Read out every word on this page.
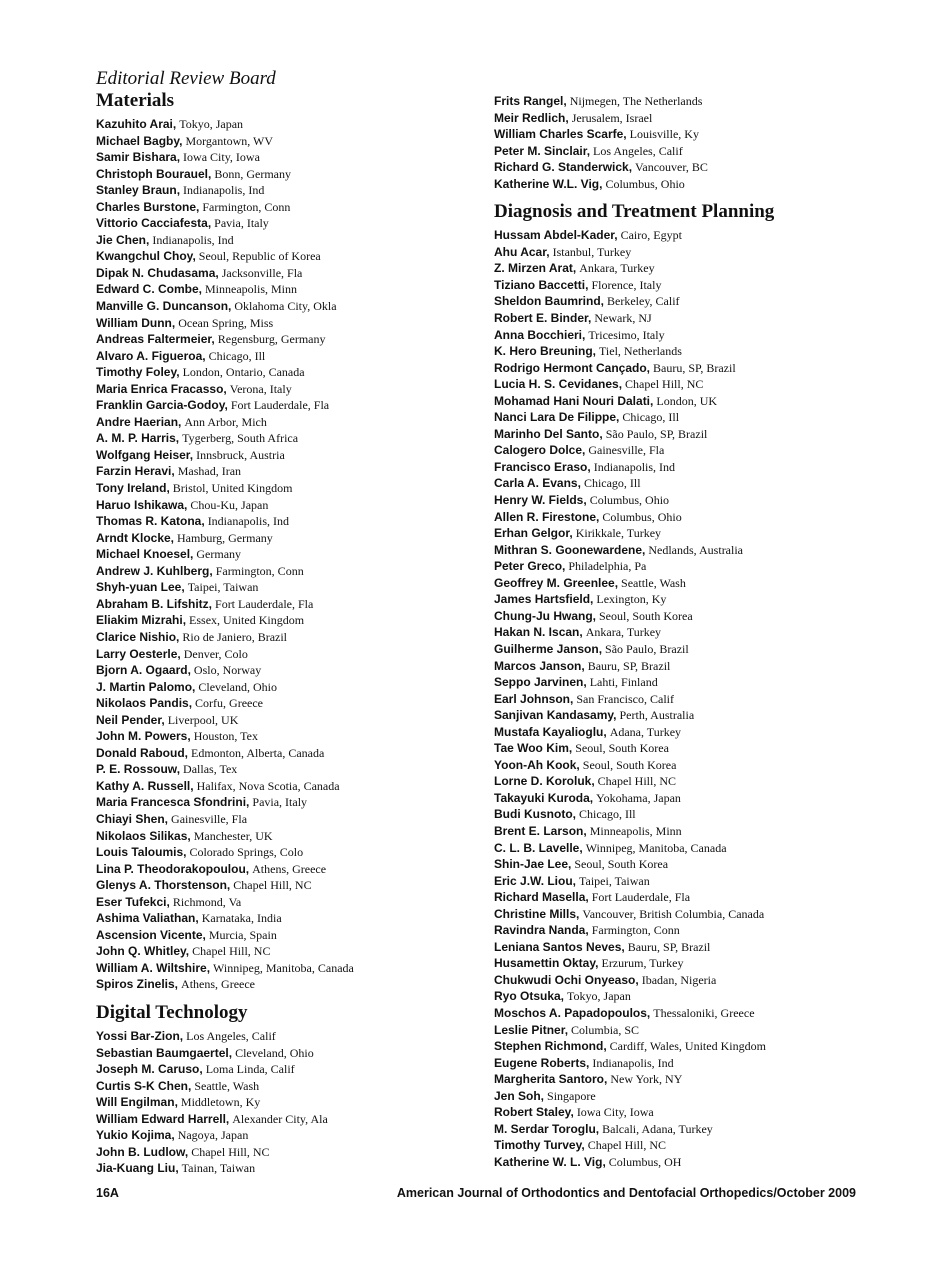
Editorial Review Board
Materials
Kazuhito Arai, Tokyo, Japan
Michael Bagby, Morgantown, WV
Samir Bishara, Iowa City, Iowa
Christoph Bourauel, Bonn, Germany
Stanley Braun, Indianapolis, Ind
Charles Burstone, Farmington, Conn
Vittorio Cacciafesta, Pavia, Italy
Jie Chen, Indianapolis, Ind
Kwangchul Choy, Seoul, Republic of Korea
Dipak N. Chudasama, Jacksonville, Fla
Edward C. Combe, Minneapolis, Minn
Manville G. Duncanson, Oklahoma City, Okla
William Dunn, Ocean Spring, Miss
Andreas Faltermeier, Regensburg, Germany
Alvaro A. Figueroa, Chicago, Ill
Timothy Foley, London, Ontario, Canada
Maria Enrica Fracasso, Verona, Italy
Franklin Garcia-Godoy, Fort Lauderdale, Fla
Andre Haerian, Ann Arbor, Mich
A. M. P. Harris, Tygerberg, South Africa
Wolfgang Heiser, Innsbruck, Austria
Farzin Heravi, Mashad, Iran
Tony Ireland, Bristol, United Kingdom
Haruo Ishikawa, Chou-Ku, Japan
Thomas R. Katona, Indianapolis, Ind
Arndt Klocke, Hamburg, Germany
Michael Knoesel, Germany
Andrew J. Kuhlberg, Farmington, Conn
Shyh-yuan Lee, Taipei, Taiwan
Abraham B. Lifshitz, Fort Lauderdale, Fla
Eliakim Mizrahi, Essex, United Kingdom
Clarice Nishio, Rio de Janiero, Brazil
Larry Oesterle, Denver, Colo
Bjorn A. Ogaard, Oslo, Norway
J. Martin Palomo, Cleveland, Ohio
Nikolaos Pandis, Corfu, Greece
Neil Pender, Liverpool, UK
John M. Powers, Houston, Tex
Donald Raboud, Edmonton, Alberta, Canada
P. E. Rossouw, Dallas, Tex
Kathy A. Russell, Halifax, Nova Scotia, Canada
Maria Francesca Sfondrini, Pavia, Italy
Chiayi Shen, Gainesville, Fla
Nikolaos Silikas, Manchester, UK
Louis Taloumis, Colorado Springs, Colo
Lina P. Theodorakopoulou, Athens, Greece
Glenys A. Thorstenson, Chapel Hill, NC
Eser Tufekci, Richmond, Va
Ashima Valiathan, Karnataka, India
Ascension Vicente, Murcia, Spain
John Q. Whitley, Chapel Hill, NC
William A. Wiltshire, Winnipeg, Manitoba, Canada
Spiros Zinelis, Athens, Greece
Digital Technology
Yossi Bar-Zion, Los Angeles, Calif
Sebastian Baumgaertel, Cleveland, Ohio
Joseph M. Caruso, Loma Linda, Calif
Curtis S-K Chen, Seattle, Wash
Will Engilman, Middletown, Ky
William Edward Harrell, Alexander City, Ala
Yukio Kojima, Nagoya, Japan
John B. Ludlow, Chapel Hill, NC
Jia-Kuang Liu, Tainan, Taiwan
Frits Rangel, Nijmegen, The Netherlands
Meir Redlich, Jerusalem, Israel
William Charles Scarfe, Louisville, Ky
Peter M. Sinclair, Los Angeles, Calif
Richard G. Standerwick, Vancouver, BC
Katherine W.L. Vig, Columbus, Ohio
Diagnosis and Treatment Planning
Hussam Abdel-Kader, Cairo, Egypt
Ahu Acar, Istanbul, Turkey
Z. Mirzen Arat, Ankara, Turkey
Tiziano Baccetti, Florence, Italy
Sheldon Baumrind, Berkeley, Calif
Robert E. Binder, Newark, NJ
Anna Bocchieri, Tricesimo, Italy
K. Hero Breuning, Tiel, Netherlands
Rodrigo Hermont Cançado, Bauru, SP, Brazil
Lucia H. S. Cevidanes, Chapel Hill, NC
Mohamad Hani Nouri Dalati, London, UK
Nanci Lara De Filippe, Chicago, Ill
Marinho Del Santo, São Paulo, SP, Brazil
Calogero Dolce, Gainesville, Fla
Francisco Eraso, Indianapolis, Ind
Carla A. Evans, Chicago, Ill
Henry W. Fields, Columbus, Ohio
Allen R. Firestone, Columbus, Ohio
Erhan Gelgor, Kirikkale, Turkey
Mithran S. Goonewardene, Nedlands, Australia
Peter Greco, Philadelphia, Pa
Geoffrey M. Greenlee, Seattle, Wash
James Hartsfield, Lexington, Ky
Chung-Ju Hwang, Seoul, South Korea
Hakan N. Iscan, Ankara, Turkey
Guilherme Janson, São Paulo, Brazil
Marcos Janson, Bauru, SP, Brazil
Seppo Jarvinen, Lahti, Finland
Earl Johnson, San Francisco, Calif
Sanjivan Kandasamy, Perth, Australia
Mustafa Kayalioglu, Adana, Turkey
Tae Woo Kim, Seoul, South Korea
Yoon-Ah Kook, Seoul, South Korea
Lorne D. Koroluk, Chapel Hill, NC
Takayuki Kuroda, Yokohama, Japan
Budi Kusnoto, Chicago, Ill
Brent E. Larson, Minneapolis, Minn
C. L. B. Lavelle, Winnipeg, Manitoba, Canada
Shin-Jae Lee, Seoul, South Korea
Eric J.W. Liou, Taipei, Taiwan
Richard Masella, Fort Lauderdale, Fla
Christine Mills, Vancouver, British Columbia, Canada
Ravindra Nanda, Farmington, Conn
Leniana Santos Neves, Bauru, SP, Brazil
Husamettin Oktay, Erzurum, Turkey
Chukwudi Ochi Onyeaso, Ibadan, Nigeria
Ryo Otsuka, Tokyo, Japan
Moschos A. Papadopoulos, Thessaloniki, Greece
Leslie Pitner, Columbia, SC
Stephen Richmond, Cardiff, Wales, United Kingdom
Eugene Roberts, Indianapolis, Ind
Margherita Santoro, New York, NY
Jen Soh, Singapore
Robert Staley, Iowa City, Iowa
M. Serdar Toroglu, Balcali, Adana, Turkey
Timothy Turvey, Chapel Hill, NC
Katherine W. L. Vig, Columbus, OH
16A	American Journal of Orthodontics and Dentofacial Orthopedics/October 2009
